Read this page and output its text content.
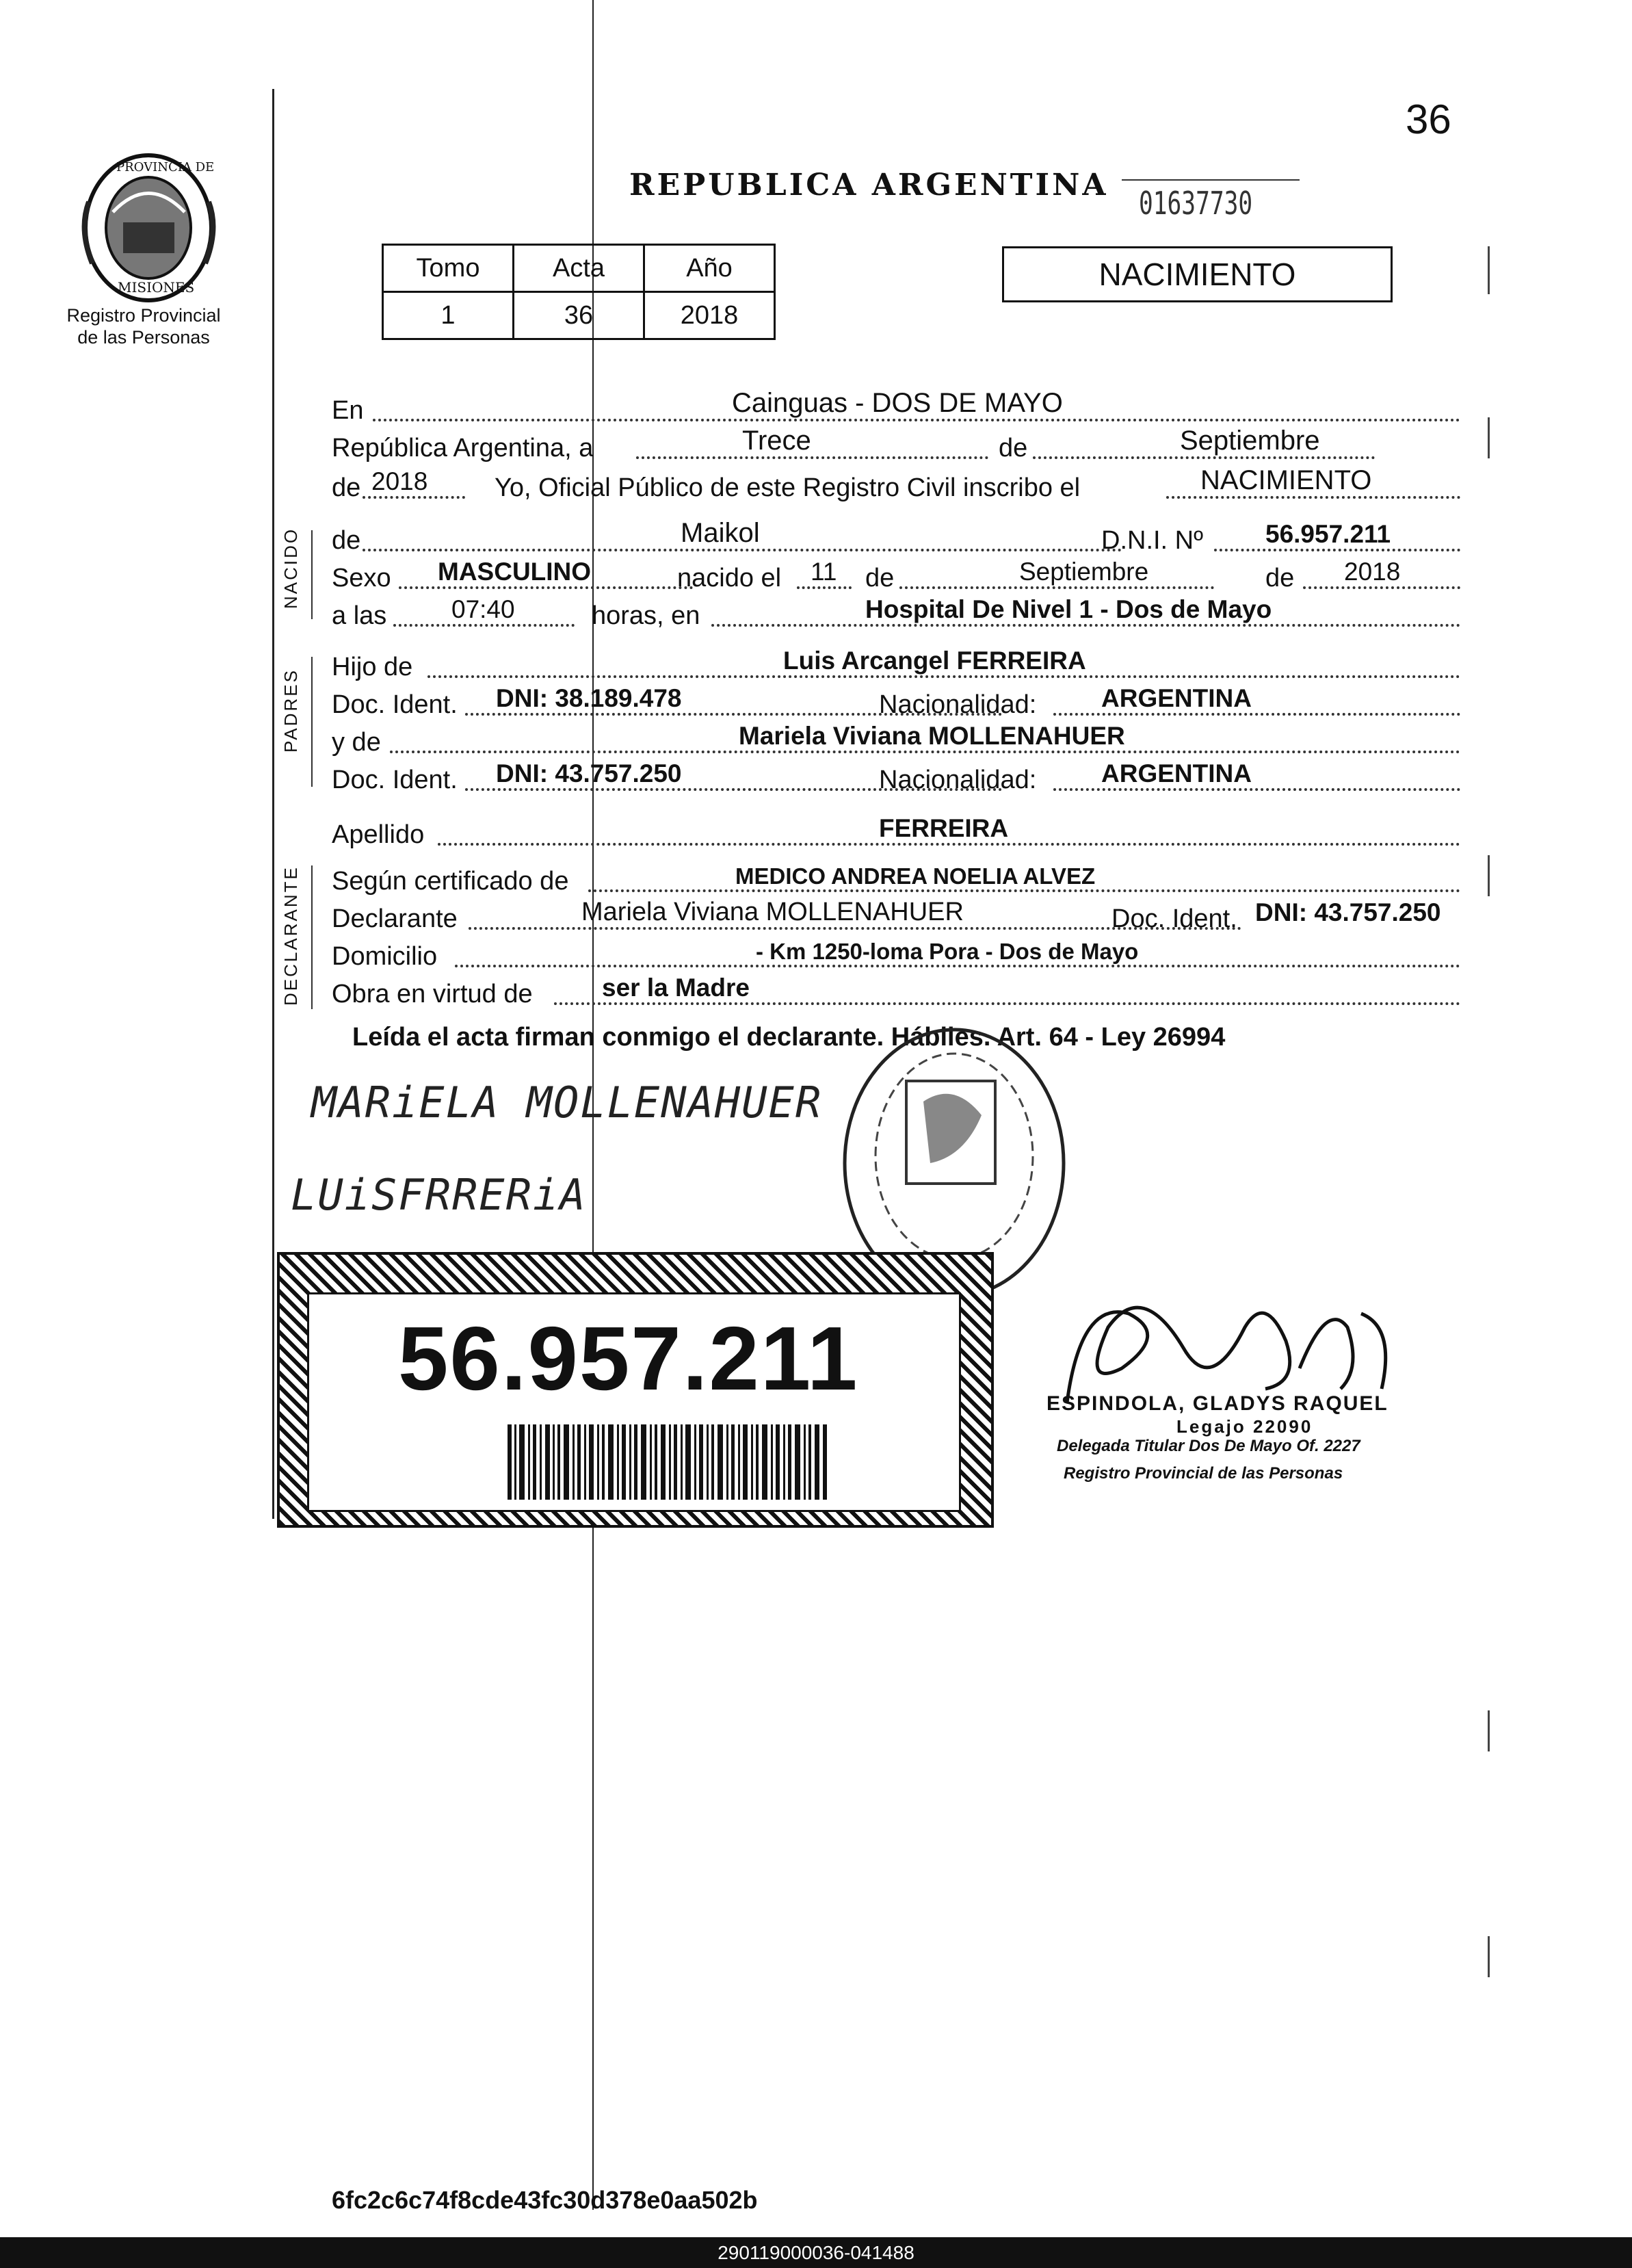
36
PROVINCIA DE
MISIONES
Registro Provincial
de las Personas
REPUBLICA ARGENTINA 01637730
Tomo	Acta	Año
1	36	2018
NACIMIENTO
En	Cainguas - DOS DE MAYO
República Argentina, a	Trece	de	Septiembre
de 2018	Yo, Oficial Público de este Registro Civil inscribo el	NACIMIENTO
NACIDO de	Maikol	D.N.I. Nº 56.957.211
Sexo MASCULINO	nacido el 11 de	Septiembre	de 2018
a las	07:40	horas, en	Hospital De Nivel 1 - Dos de Mayo
PADRES
Hijo de	Luis Arcangel FERREIRA
Doc. Ident. DNI: 38.189.478	Nacionalidad:	ARGENTINA
y de	Mariela Viviana MOLLENAHUER
Doc. Ident. DNI: 43.757.250	Nacionalidad:	ARGENTINA
Apellido	FERREIRA
DECLARANTE Según certificado de	MEDICO ANDREA NOELIA ALVEZ
Declarante	Mariela Viviana MOLLENAHUER	Doc. Ident. DNI: 43.757.250
Domicilio	- Km 1250-loma Pora - Dos de Mayo
Obra en virtud de	ser la Madre
Leída el acta firman conmigo el declarante. Hábiles. Art. 64 - Ley 26994
MARiELA MOLLENAHUER
LUiSFRRERiA
56.957.211	ESPINDOLA, GLADYS RAQUEL
Legajo 22090
Delegada Titular Dos De Mayo Of. 2227
Registro Provincial de las Personas
6fc2c6c74f8cde43fc30d378e0aa502b
290119000036-041488
